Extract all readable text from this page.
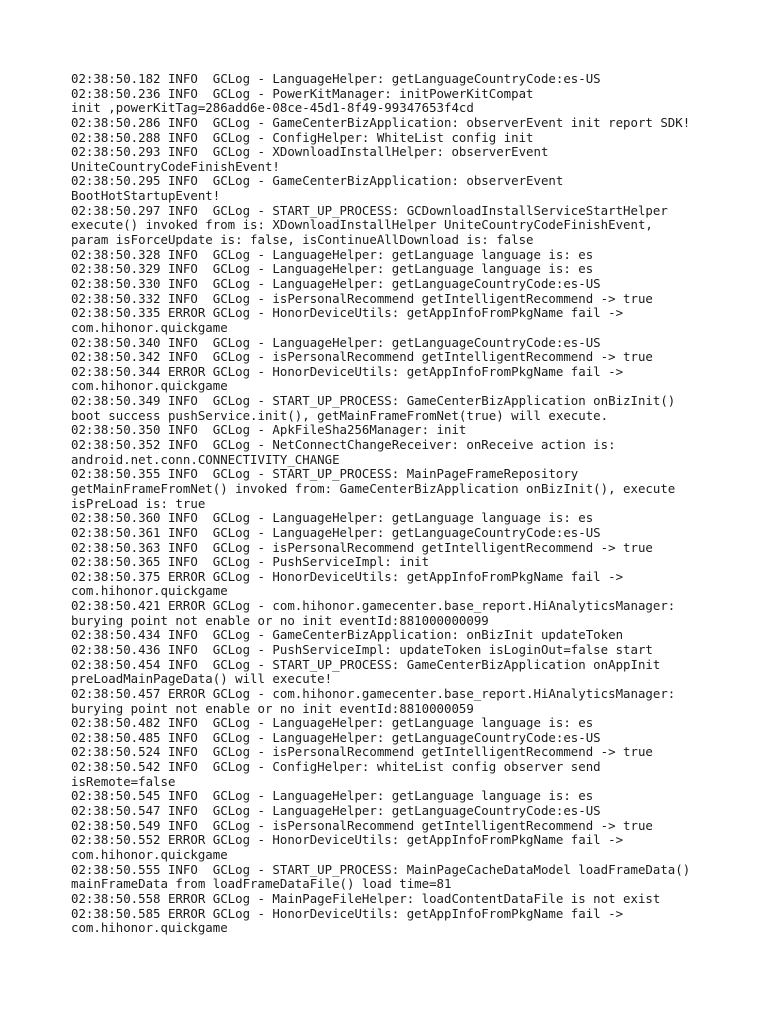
02:38:50.182 INFO  GCLog - LanguageHelper: getLanguageCountryCode:es-US
02:38:50.236 INFO  GCLog - PowerKitManager: initPowerKitCompat
init ,powerKitTag=286add6e-08ce-45d1-8f49-99347653f4cd
02:38:50.286 INFO  GCLog - GameCenterBizApplication: observerEvent init report SDK!
02:38:50.288 INFO  GCLog - ConfigHelper: WhiteList config init
02:38:50.293 INFO  GCLog - XDownloadInstallHelper: observerEvent
UniteCountryCodeFinishEvent!
02:38:50.295 INFO  GCLog - GameCenterBizApplication: observerEvent
BootHotStartupEvent!
02:38:50.297 INFO  GCLog - START_UP_PROCESS: GCDownloadInstallServiceStartHelper
execute() invoked from is: XDownloadInstallHelper UniteCountryCodeFinishEvent,
param isForceUpdate is: false, isContinueAllDownload is: false
02:38:50.328 INFO  GCLog - LanguageHelper: getLanguage language is: es
02:38:50.329 INFO  GCLog - LanguageHelper: getLanguage language is: es
02:38:50.330 INFO  GCLog - LanguageHelper: getLanguageCountryCode:es-US
02:38:50.332 INFO  GCLog - isPersonalRecommend getIntelligentRecommend -> true
02:38:50.335 ERROR GCLog - HonorDeviceUtils: getAppInfoFromPkgName fail ->
com.hihonor.quickgame
02:38:50.340 INFO  GCLog - LanguageHelper: getLanguageCountryCode:es-US
02:38:50.342 INFO  GCLog - isPersonalRecommend getIntelligentRecommend -> true
02:38:50.344 ERROR GCLog - HonorDeviceUtils: getAppInfoFromPkgName fail ->
com.hihonor.quickgame
02:38:50.349 INFO  GCLog - START_UP_PROCESS: GameCenterBizApplication onBizInit()
boot success pushService.init(), getMainFrameFromNet(true) will execute.
02:38:50.350 INFO  GCLog - ApkFileSha256Manager: init
02:38:50.352 INFO  GCLog - NetConnectChangeReceiver: onReceive action is:
android.net.conn.CONNECTIVITY_CHANGE
02:38:50.355 INFO  GCLog - START_UP_PROCESS: MainPageFrameRepository
getMainFrameFromNet() invoked from: GameCenterBizApplication onBizInit(), execute
isPreLoad is: true
02:38:50.360 INFO  GCLog - LanguageHelper: getLanguage language is: es
02:38:50.361 INFO  GCLog - LanguageHelper: getLanguageCountryCode:es-US
02:38:50.363 INFO  GCLog - isPersonalRecommend getIntelligentRecommend -> true
02:38:50.365 INFO  GCLog - PushServiceImpl: init
02:38:50.375 ERROR GCLog - HonorDeviceUtils: getAppInfoFromPkgName fail ->
com.hihonor.quickgame
02:38:50.421 ERROR GCLog - com.hihonor.gamecenter.base_report.HiAnalyticsManager:
burying point not enable or no init eventId:881000000099
02:38:50.434 INFO  GCLog - GameCenterBizApplication: onBizInit updateToken
02:38:50.436 INFO  GCLog - PushServiceImpl: updateToken isLoginOut=false start
02:38:50.454 INFO  GCLog - START_UP_PROCESS: GameCenterBizApplication onAppInit
preLoadMainPageData() will execute!
02:38:50.457 ERROR GCLog - com.hihonor.gamecenter.base_report.HiAnalyticsManager:
burying point not enable or no init eventId:8810000059
02:38:50.482 INFO  GCLog - LanguageHelper: getLanguage language is: es
02:38:50.485 INFO  GCLog - LanguageHelper: getLanguageCountryCode:es-US
02:38:50.524 INFO  GCLog - isPersonalRecommend getIntelligentRecommend -> true
02:38:50.542 INFO  GCLog - ConfigHelper: whiteList config observer send
isRemote=false
02:38:50.545 INFO  GCLog - LanguageHelper: getLanguage language is: es
02:38:50.547 INFO  GCLog - LanguageHelper: getLanguageCountryCode:es-US
02:38:50.549 INFO  GCLog - isPersonalRecommend getIntelligentRecommend -> true
02:38:50.552 ERROR GCLog - HonorDeviceUtils: getAppInfoFromPkgName fail ->
com.hihonor.quickgame
02:38:50.555 INFO  GCLog - START_UP_PROCESS: MainPageCacheDataModel loadFrameData()
mainFrameData from loadFrameDataFile() load time=81
02:38:50.558 ERROR GCLog - MainPageFileHelper: loadContentDataFile is not exist
02:38:50.585 ERROR GCLog - HonorDeviceUtils: getAppInfoFromPkgName fail ->
com.hihonor.quickgame
